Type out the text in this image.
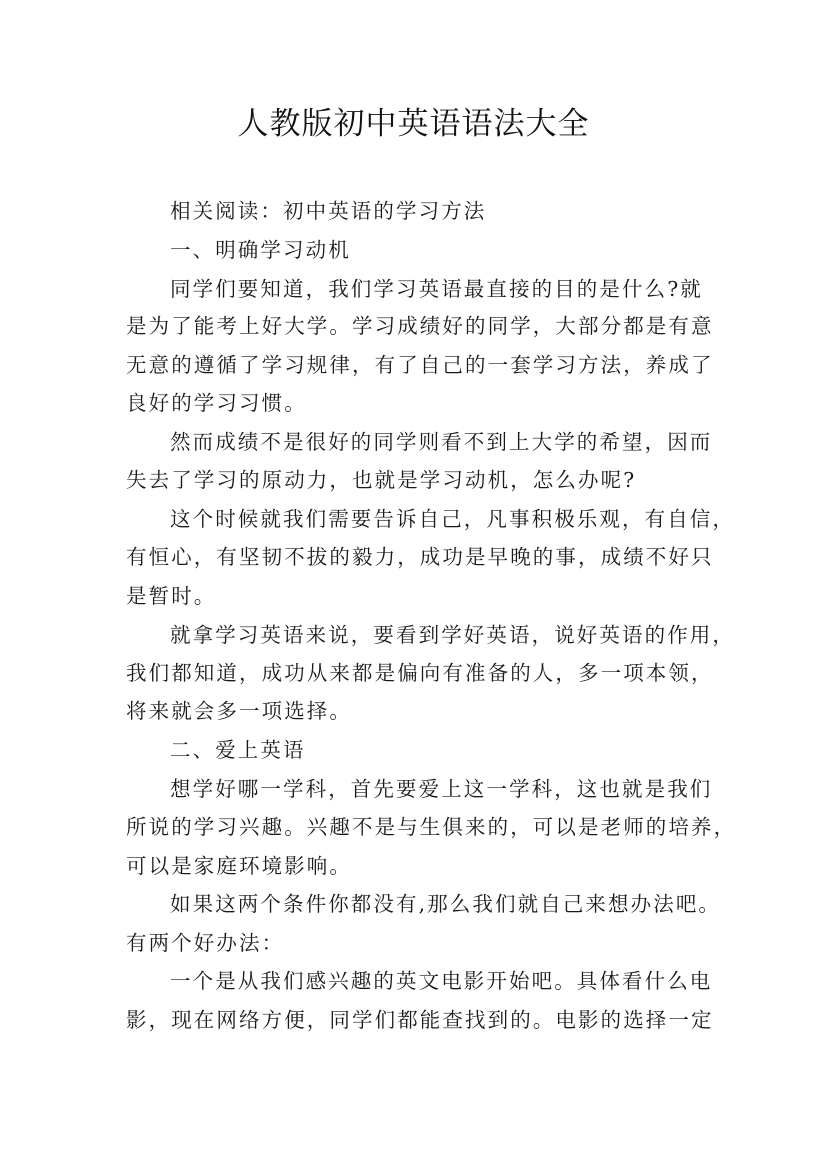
人教版初中英语语法大全
相关阅读：初中英语的学习方法
一、明确学习动机
同学们要知道，我们学习英语最直接的目的是什么?就
是为了能考上好大学。学习成绩好的同学，大部分都是有意
无意的遵循了学习规律，有了自己的一套学习方法，养成了
良好的学习习惯。
然而成绩不是很好的同学则看不到上大学的希望，因而
失去了学习的原动力，也就是学习动机，怎么办呢?
这个时候就我们需要告诉自己，凡事积极乐观，有自信，
有恒心，有坚韧不拔的毅力，成功是早晚的事，成绩不好只
是暂时。
就拿学习英语来说，要看到学好英语，说好英语的作用，
我们都知道，成功从来都是偏向有准备的人，多一项本领，
将来就会多一项选择。
二、爱上英语
想学好哪一学科，首先要爱上这一学科，这也就是我们
所说的学习兴趣。兴趣不是与生俱来的，可以是老师的培养，
可以是家庭环境影响。
如果这两个条件你都没有,那么我们就自己来想办法吧。
有两个好办法：
一个是从我们感兴趣的英文电影开始吧。具体看什么电
影，现在网络方便，同学们都能查找到的。电影的选择一定
